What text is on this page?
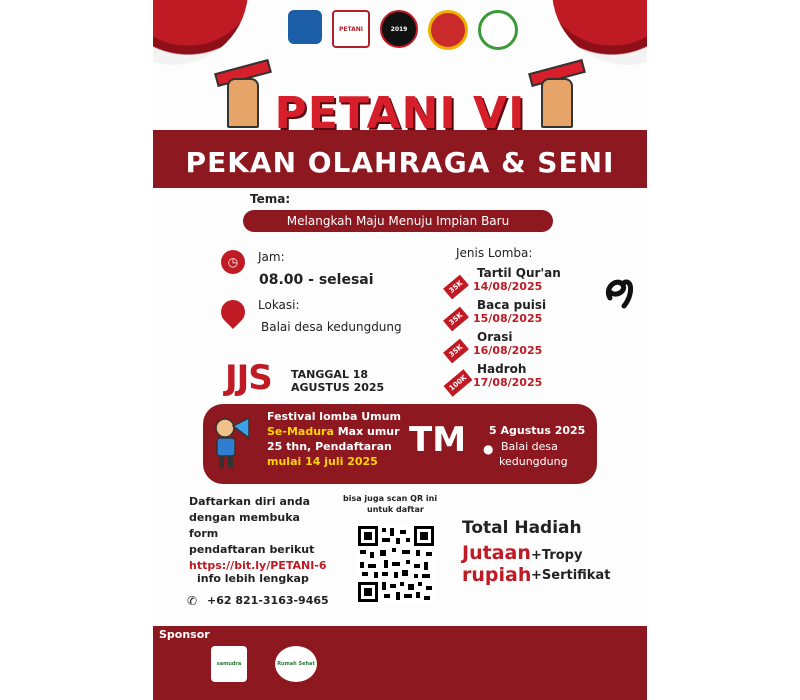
PETANI	2019
PETANI VI
PEKAN OLAHRAGA & SENI
Tema:
Melangkah Maju Menuju Impian Baru
◷	Jam:
08.00 - selesai
Lokasi:
Balai desa kedungdung
JJS TANGGAL 18
AGUSTUS 2025
Jenis Lomba:
35K
Tartil Qur'an
14/08/2025
35K
Baca puisi
15/08/2025
35K
Orasi
16/08/2025
100K
Hadroh
17/08/2025
Festival lomba Umum
Se-Madura Max umur
25 thn, Pendaftaran
mulai 14 juli 2025
TM 5 Agustus 2025
● Balai desa
kedungdung
Daftarkan diri anda
dengan membuka form
pendaftaran berikut
https://bit.ly/PETANI-6
info lebih lengkap
✆ +62 821-3163-9465
bisa juga scan QR ini
untuk daftar
Total Hadiah
Jutaan
rupiah
+Tropy
+Sertifikat
Sponsor
samudra	Rumah Sehat
